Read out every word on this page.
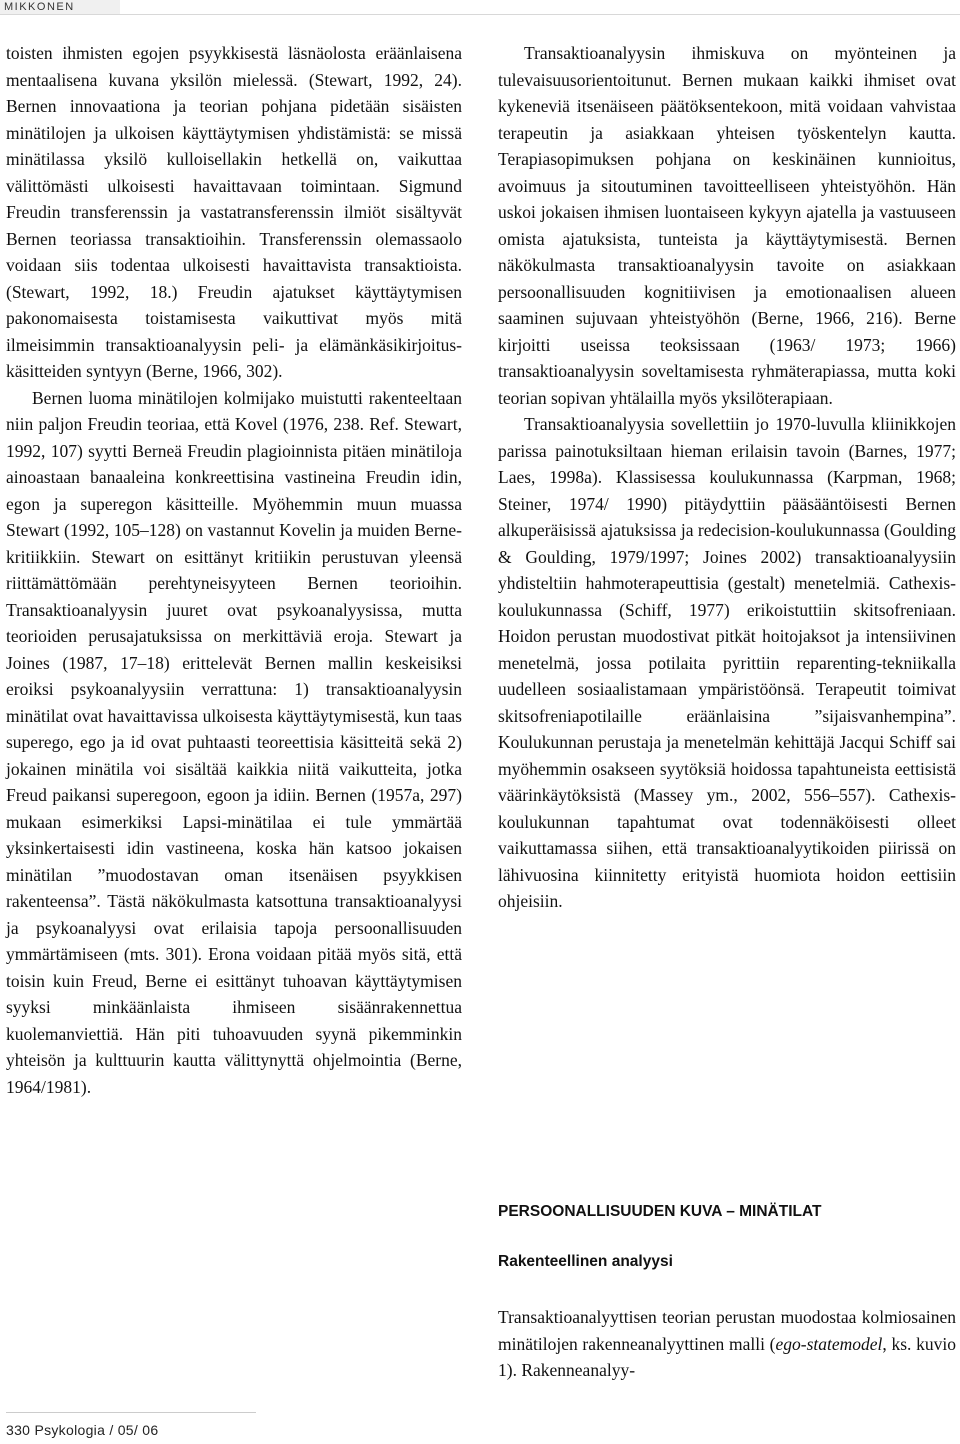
MIKKONEN

toisten ihmisten egojen psyykkisestä läsnäolosta eräänlaisena mentaalisena kuvana yksilön mielessä. (Stewart, 1992, 24). Bernen innovaationa ja teorian pohjana pidetään sisäisten minätilojen ja ulkoisen käyttäytymisen yhdistämistä: se missä minätilassa yksilö kulloisellakin hetkellä on, vaikuttaa välittömästi ulkoisesti havaittavaan toimintaan. Sigmund Freudin transferenssin ja vastatransferenssin ilmiöt sisältyvät Bernen teoriassa transaktioihin. Transferenssin olemassaolo voidaan siis todentaa ulkoisesti havaittavista transaktioista. (Stewart, 1992, 18.) Freudin ajatukset käyttäytymisen pakonomaisesta toistamisesta vaikuttivat myös mitä ilmeisimmin transaktioanalyysin peli- ja elämänkäsikirjoitus-käsitteiden syntyyn (Berne, 1966, 302).

Bernen luoma minätilojen kolmijako muistutti rakenteeltaan niin paljon Freudin teoriaa, että Kovel (1976, 238. Ref. Stewart, 1992, 107) syytti Berneä Freudin plagioinnista pitäen minätiloja ainoastaan banaaleina konkreettisina vastineina Freudin idin, egon ja superegon käsitteille. Myöhemmin muun muassa Stewart (1992, 105–128) on vastannut Kovelin ja muiden Berne-kritiikkiin. Stewart on esittänyt kritiikin perustuvan yleensä riittämättömään perehtyneisyyteen Bernen teorioihin. Transaktioanalyysin juuret ovat psykoanalyysissa, mutta teorioiden perusajatuksissa on merkittäviä eroja. Stewart ja Joines (1987, 17–18) erittelevät Bernen mallin keskeisiksi eroiksi psykoanalyysiin verrattuna: 1) transaktioanalyysin minätilat ovat havaittavissa ulkoisesta käyttäytymisestä, kun taas superego, ego ja id ovat puhtaasti teoreettisia käsitteitä sekä 2) jokainen minätila voi sisältää kaikkia niitä vaikutteita, jotka Freud paikansi superegoon, egoon ja idiin. Bernen (1957a, 297) mukaan esimerkiksi Lapsi-minätilaa ei tule ymmärtää yksinkertaisesti idin vastineena, koska hän katsoo jokaisen minätilan ”muodostavan oman itsenäisen psyykkisen rakenteensa”. Tästä näkökulmasta katsottuna transaktioanalyysi ja psykoanalyysi ovat erilaisia tapoja persoonallisuuden ymmärtämiseen (mts. 301). Erona voidaan pitää myös sitä, että toisin kuin Freud, Berne ei esittänyt tuhoavan käyttäytymisen syyksi minkäänlaista ihmiseen sisäänrakennettua kuolemanviettiä. Hän piti tuhoavuuden syynä pikemminkin yhteisön ja kulttuurin kautta välittynyttä ohjelmointia (Berne, 1964/1981).

Transaktioanalyysin ihmiskuva on myönteinen ja tulevaisuusorientoitunut. Bernen mukaan kaikki ihmiset ovat kykeneviä itsenäiseen päätöksentekoon, mitä voidaan vahvistaa terapeutin ja asiakkaan yhteisen työskentelyn kautta. Terapiasopimuksen pohjana on keskinäinen kunnioitus, avoimuus ja sitoutuminen tavoitteelliseen yhteistyöhön. Hän uskoi jokaisen ihmisen luontaiseen kykyyn ajatella ja vastuuseen omista ajatuksista, tunteista ja käyttäytymisestä. Bernen näkökulmasta transaktioanalyysin tavoite on asiakkaan persoonallisuuden kognitiivisen ja emotionaalisen alueen saaminen sujuvaan yhteistyöhön (Berne, 1966, 216). Berne kirjoitti useissa teoksissaan (1963/ 1973; 1966) transaktioanalyysin soveltamisesta ryhmäterapiassa, mutta koki teorian sopivan yhtälailla myös yksilöterapiaan.

Transaktioanalyysia sovellettiin jo 1970-luvulla kliinikkojen parissa painotuksiltaan hieman erilaisin tavoin (Barnes, 1977; Laes, 1998a). Klassisessa koulukunnassa (Karpman, 1968; Steiner, 1974/ 1990) pitäydyttiin pääsääntöisesti Bernen alkuperäisissä ajatuksissa ja redecision-koulukunnassa (Goulding & Goulding, 1979/1997; Joines 2002) transaktioanalyysiin yhdisteltiin hahmoterapeuttisia (gestalt) menetelmiä. Cathexis-koulukunnassa (Schiff, 1977) erikoistuttiin skitsofreniaan. Hoidon perustan muodostivat pitkät hoitojaksot ja intensiivinen menetelmä, jossa potilaita pyrittiin reparenting-tekniikalla uudelleen sosiaalistamaan ympäristöönsä. Terapeutit toimivat skitsofreniapotilaille eräänlaisina ”sijaisvanhempina”. Koulukunnan perustaja ja menetelmän kehittäjä Jacqui Schiff sai myöhemmin osakseen syytöksiä hoidossa tapahtuneista eettisistä väärinkäytöksistä (Massey ym., 2002, 556–557). Cathexis-koulukunnan tapahtumat ovat todennäköisesti olleet vaikuttamassa siihen, että transaktioanalyytikoiden piirissä on lähivuosina kiinnitetty erityistä huomiota hoidon eettisiin ohjeisiin.

PERSOONALLISUUDEN KUVA – MINÄTILAT
Rakenteellinen analyysi

Transaktioanalyyttisen teorian perustan muodostaa kolmiosainen minätilojen rakenneanalyyttinen malli (ego-statemodel, ks. kuvio 1). Rakenneanalyy-

330 Psykologia / 05/ 06
